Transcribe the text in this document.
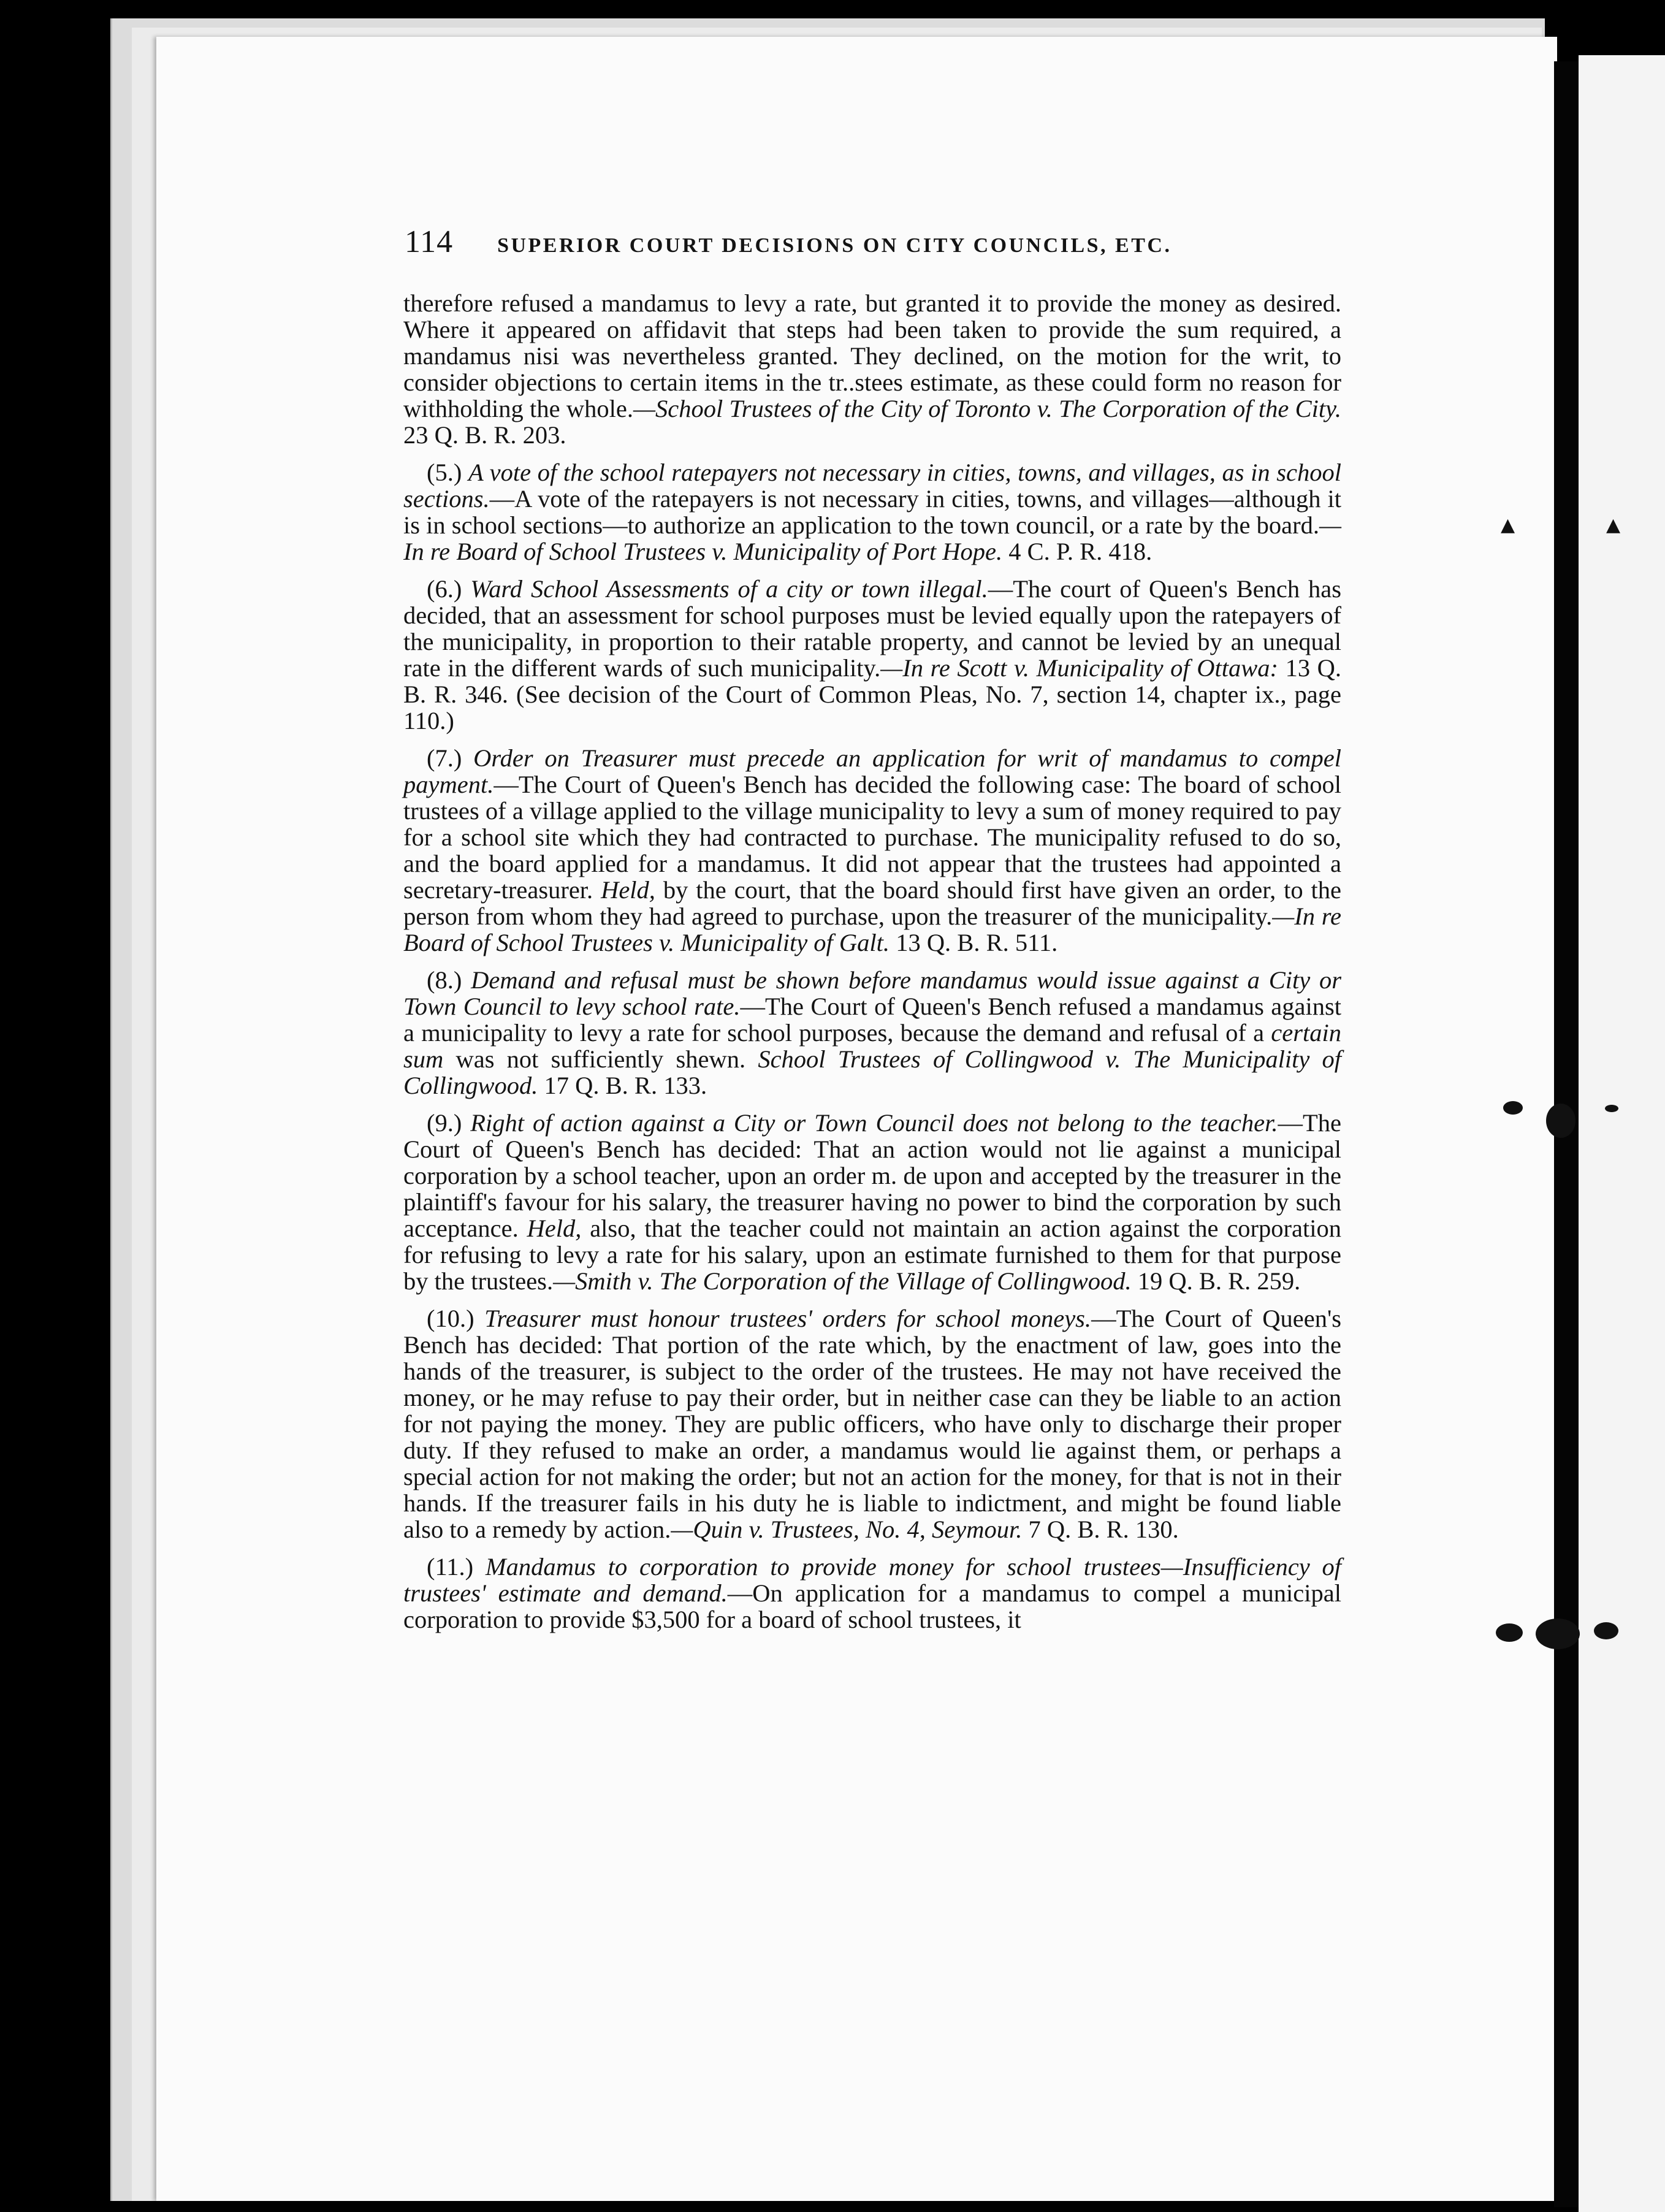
▲	▲
114 SUPERIOR COURT DECISIONS ON CITY COUNCILS, ETC.

therefore refused a mandamus to levy a rate, but granted it to provide the money as desired. Where it appeared on affidavit that steps had been taken to provide the sum required, a mandamus nisi was nevertheless granted. They declined, on the motion for the writ, to consider objections to certain items in the tr..stees estimate, as these could form no reason for withholding the whole.—School Trustees of the City of Toronto v. The Corporation of the City. 23 Q. B. R. 203.

(5.) A vote of the school ratepayers not necessary in cities, towns, and villages, as in school sections.—A vote of the ratepayers is not necessary in cities, towns, and villages—although it is in school sections—to authorize an application to the town council, or a rate by the board.—In re Board of School Trustees v. Municipality of Port Hope. 4 C. P. R. 418.

(6.) Ward School Assessments of a city or town illegal.—The court of Queen's Bench has decided, that an assessment for school purposes must be levied equally upon the ratepayers of the municipality, in proportion to their ratable property, and cannot be levied by an unequal rate in the different wards of such municipality.—In re Scott v. Municipality of Ottawa: 13 Q. B. R. 346. (See decision of the Court of Common Pleas, No. 7, section 14, chapter ix., page 110.)

(7.) Order on Treasurer must precede an application for writ of mandamus to compel payment.—The Court of Queen's Bench has decided the following case: The board of school trustees of a village applied to the village municipality to levy a sum of money required to pay for a school site which they had contracted to purchase. The municipality refused to do so, and the board applied for a mandamus. It did not appear that the trustees had appointed a secretary-treasurer. Held, by the court, that the board should first have given an order, to the person from whom they had agreed to purchase, upon the treasurer of the municipality.—In re Board of School Trustees v. Municipality of Galt. 13 Q. B. R. 511.

(8.) Demand and refusal must be shown before mandamus would issue against a City or Town Council to levy school rate.—The Court of Queen's Bench refused a mandamus against a municipality to levy a rate for school purposes, because the demand and refusal of a certain sum was not sufficiently shewn. School Trustees of Collingwood v. The Municipality of Collingwood. 17 Q. B. R. 133.

(9.) Right of action against a City or Town Council does not belong to the teacher.—The Court of Queen's Bench has decided: That an action would not lie against a municipal corporation by a school teacher, upon an order m. de upon and accepted by the treasurer in the plaintiff's favour for his salary, the treasurer having no power to bind the corporation by such acceptance. Held, also, that the teacher could not maintain an action against the corporation for refusing to levy a rate for his salary, upon an estimate furnished to them for that purpose by the trustees.—Smith v. The Corporation of the Village of Collingwood. 19 Q. B. R. 259.

(10.) Treasurer must honour trustees' orders for school moneys.—The Court of Queen's Bench has decided: That portion of the rate which, by the enactment of law, goes into the hands of the treasurer, is subject to the order of the trustees. He may not have received the money, or he may refuse to pay their order, but in neither case can they be liable to an action for not paying the money. They are public officers, who have only to discharge their proper duty. If they refused to make an order, a mandamus would lie against them, or perhaps a special action for not making the order; but not an action for the money, for that is not in their hands. If the treasurer fails in his duty he is liable to indictment, and might be found liable also to a remedy by action.—Quin v. Trustees, No. 4, Seymour. 7 Q. B. R. 130.

(11.) Mandamus to corporation to provide money for school trustees—Insufficiency of trustees' estimate and demand.—On application for a mandamus to compel a municipal corporation to provide $3,500 for a board of school trustees, it
